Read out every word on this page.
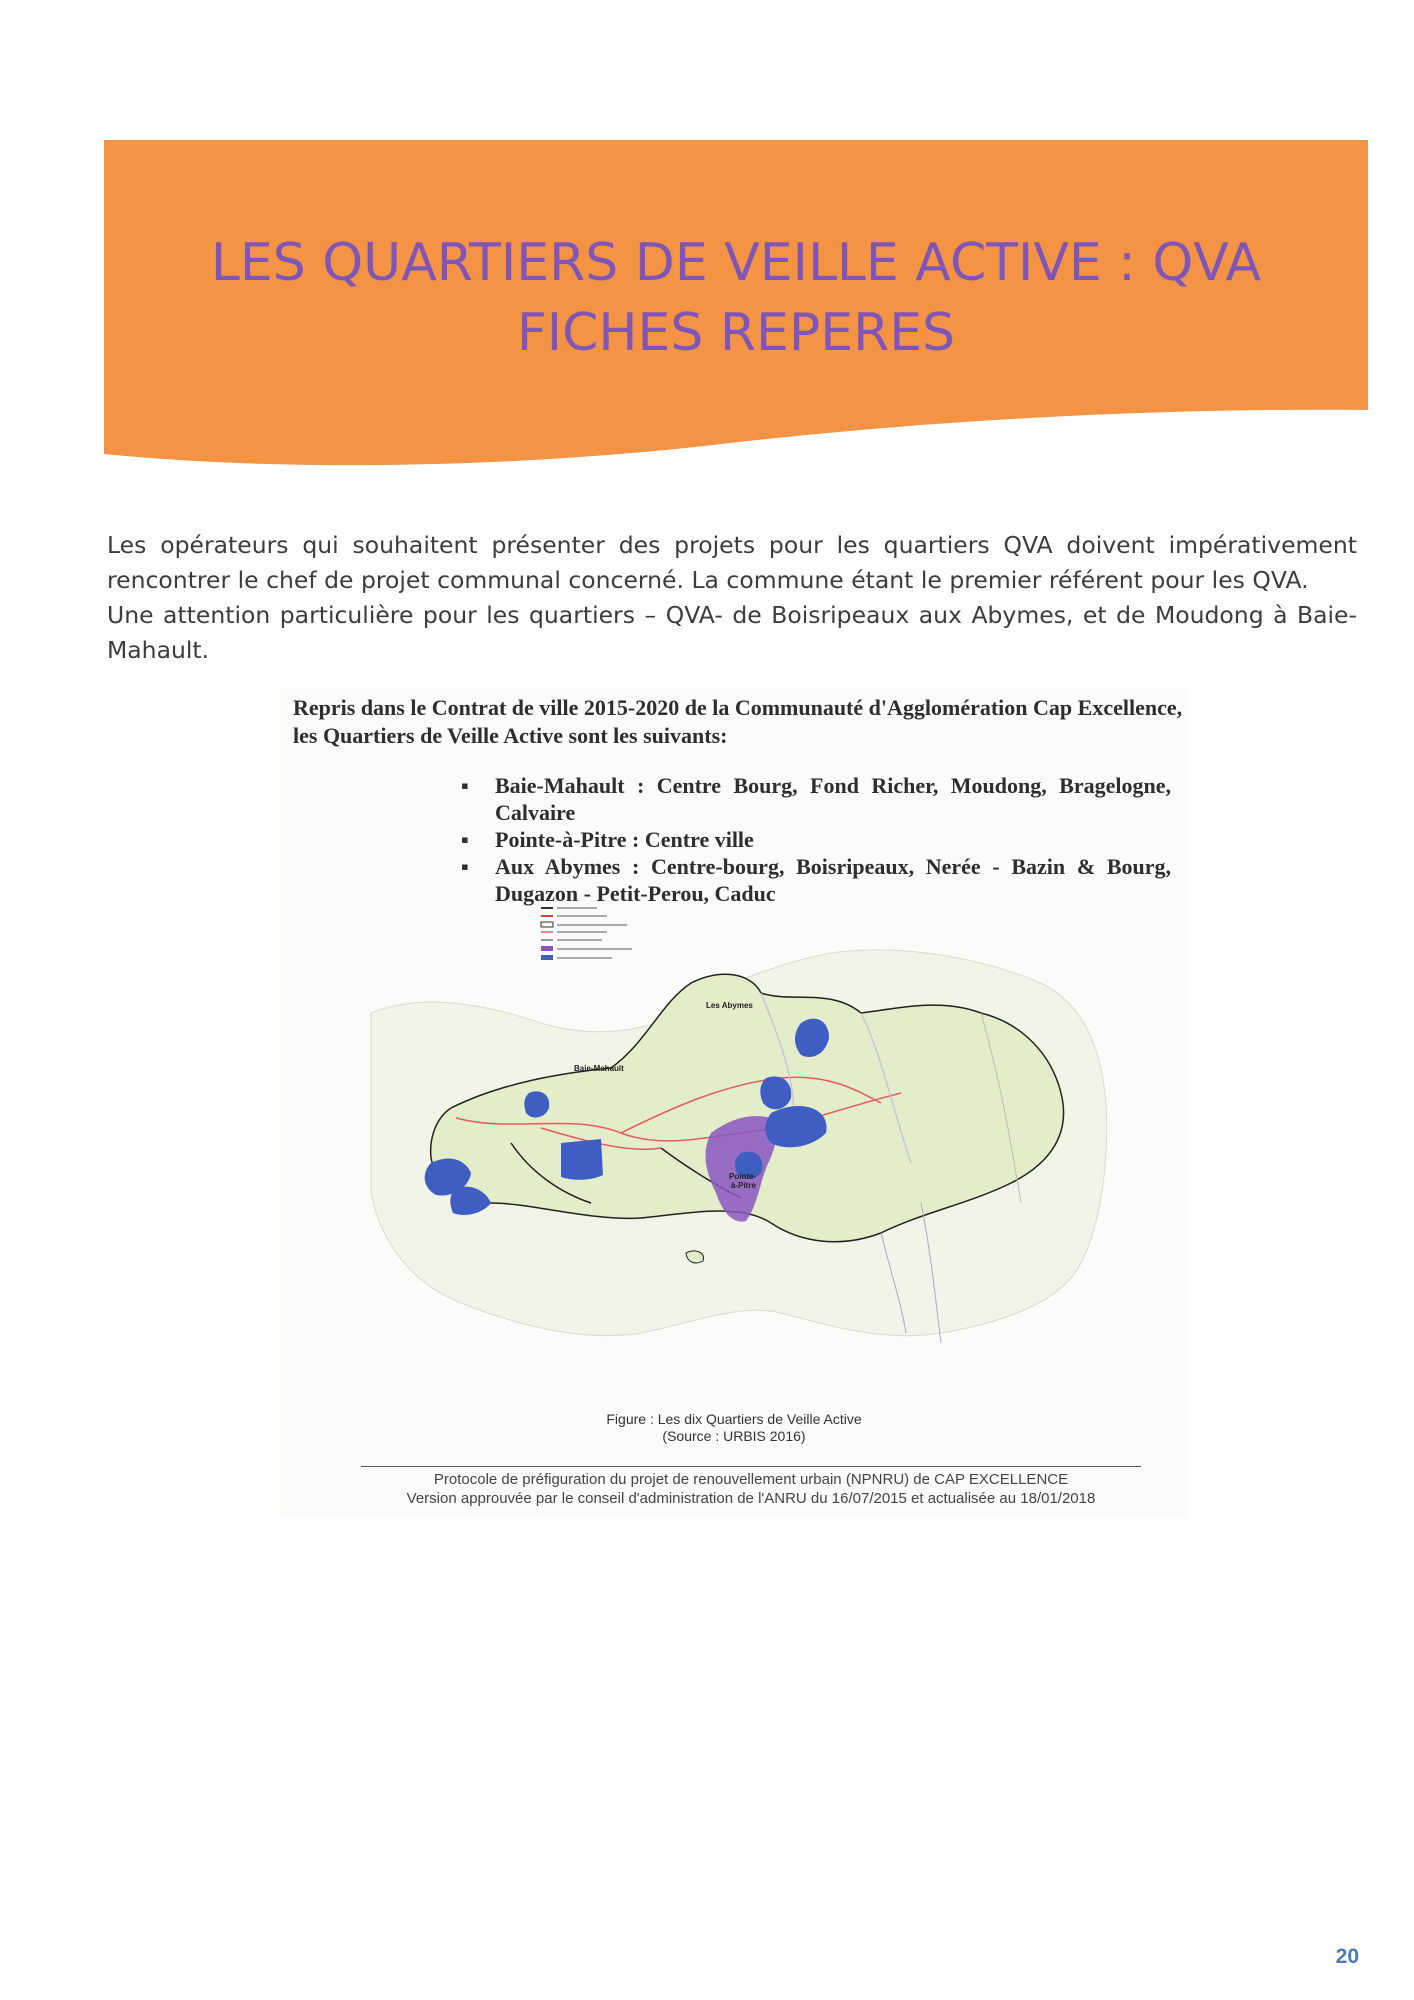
LES QUARTIERS DE VEILLE ACTIVE : QVA
FICHES REPERES

Les opérateurs qui souhaitent présenter des projets pour les quartiers QVA doivent impérativement rencontrer le chef de projet communal concerné. La commune étant le premier référent pour les QVA.

Une attention particulière pour les quartiers – QVA- de Boisripeaux aux Abymes, et de Moudong à Baie-Mahault.

Repris dans le Contrat de ville 2015-2020 de la Communauté d'Agglomération Cap Excellence,
les Quartiers de Veille Active sont les suivants:
▪ Baie-Mahault : Centre Bourg, Fond Richer, Moudong, Bragelogne, Calvaire
▪ Pointe-à-Pitre : Centre ville
▪ Aux Abymes : Centre-bourg, Boisripeaux, Nerée - Bazin & Bourg, Dugazon - Petit-Perou, Caduc
Les Abymes
Baie-Mahault
Pointe-
à-Pitre
Figure : Les dix Quartiers de Veille Active
(Source : URBIS 2016)
Protocole de préfiguration du projet de renouvellement urbain (NPNRU) de CAP EXCELLENCE
Version approuvée par le conseil d'administration de l'ANRU du 16/07/2015 et actualisée au 18/01/2018
20
